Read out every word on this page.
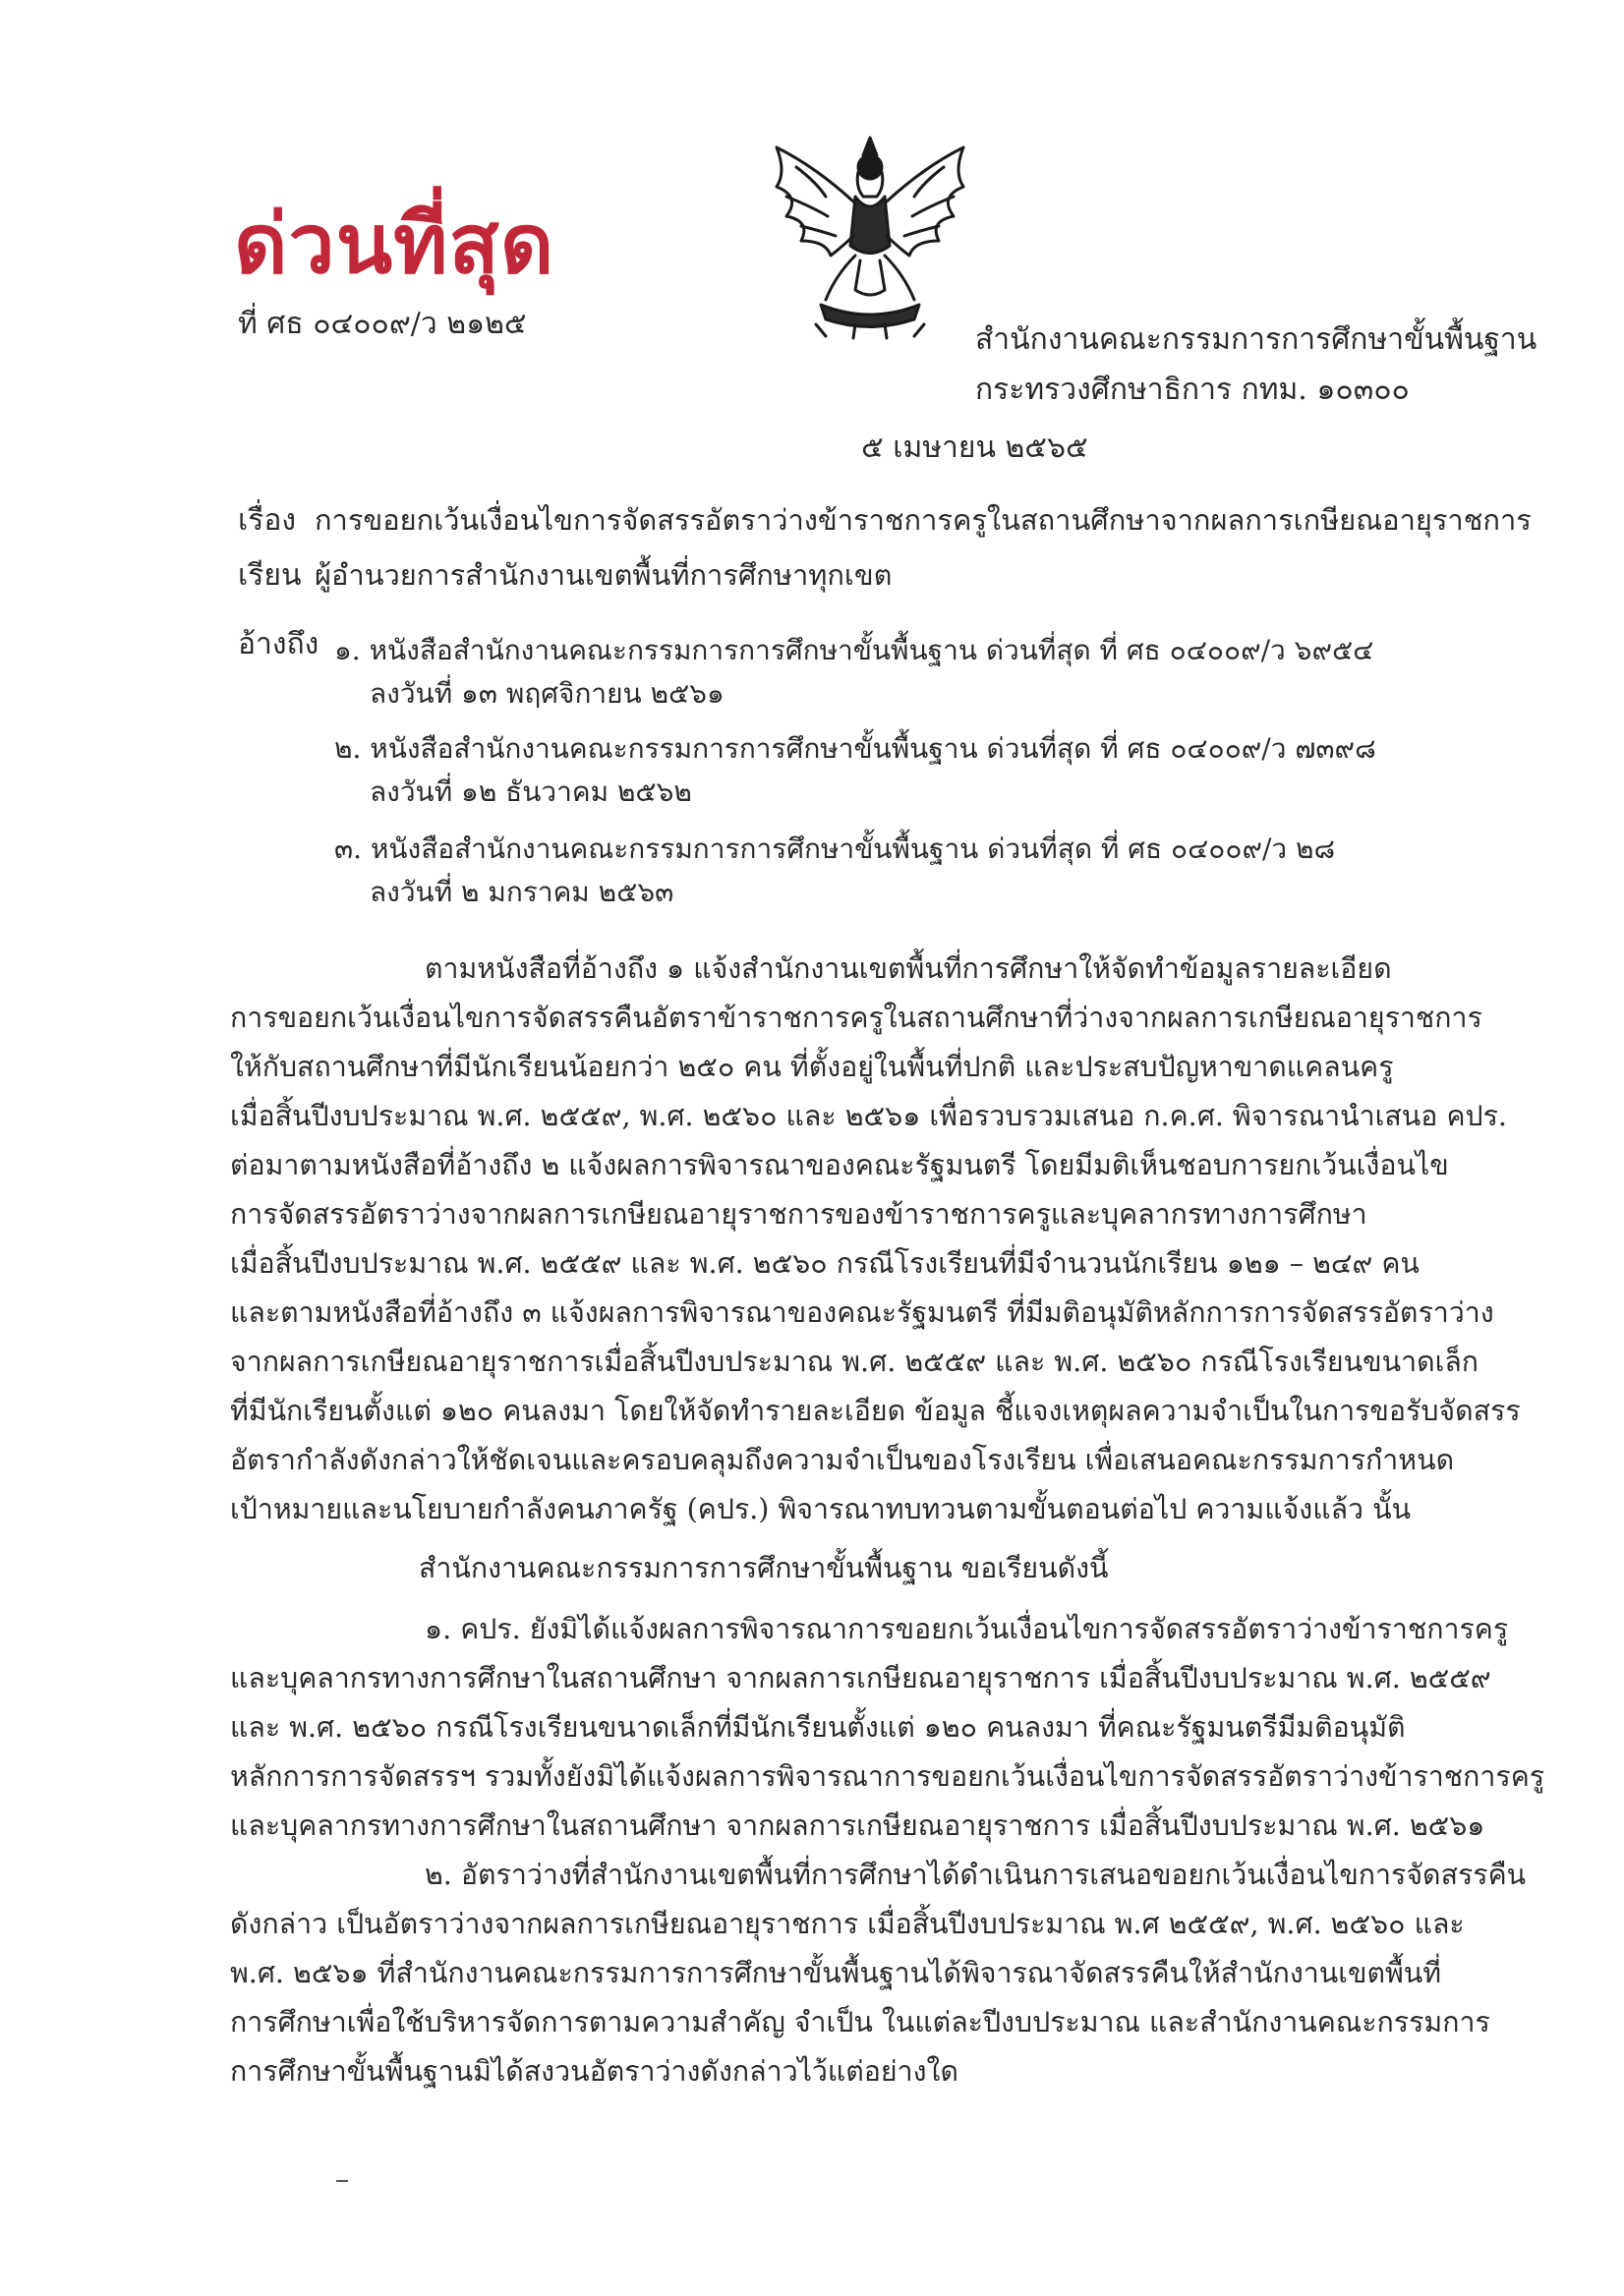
ด่วนที่สุด
ที่ ศธ ๐๔๐๐๙/ว ๒๑๒๕	สำนักงานคณะกรรมการการศึกษาขั้นพื้นฐาน
กระทรวงศึกษาธิการ กทม. ๑๐๓๐๐
๕ เมษายน ๒๕๖๕
เรื่อง การขอยกเว้นเงื่อนไขการจัดสรรอัตราว่างข้าราชการครูในสถานศึกษาจากผลการเกษียณอายุราชการ
เรียน ผู้อำนวยการสำนักงานเขตพื้นที่การศึกษาทุกเขต
อ้างถึง ๑. หนังสือสำนักงานคณะกรรมการการศึกษาขั้นพื้นฐาน ด่วนที่สุด ที่ ศธ ๐๔๐๐๙/ว ๖๙๕๔
ลงวันที่ ๑๓ พฤศจิกายน ๒๕๖๑
๒. หนังสือสำนักงานคณะกรรมการการศึกษาขั้นพื้นฐาน ด่วนที่สุด ที่ ศธ ๐๔๐๐๙/ว ๗๓๙๘
ลงวันที่ ๑๒ ธันวาคม ๒๕๖๒
๓. หนังสือสำนักงานคณะกรรมการการศึกษาขั้นพื้นฐาน ด่วนที่สุด ที่ ศธ ๐๔๐๐๙/ว ๒๘
ลงวันที่ ๒ มกราคม ๒๕๖๓
ตามหนังสือที่อ้างถึง ๑ แจ้งสำนักงานเขตพื้นที่การศึกษาให้จัดทำข้อมูลรายละเอียด
การขอยกเว้นเงื่อนไขการจัดสรรคืนอัตราข้าราชการครูในสถานศึกษาที่ว่างจากผลการเกษียณอายุราชการ
ให้กับสถานศึกษาที่มีนักเรียนน้อยกว่า ๒๕๐ คน ที่ตั้งอยู่ในพื้นที่ปกติ และประสบปัญหาขาดแคลนครู
เมื่อสิ้นปีงบประมาณ พ.ศ. ๒๕๕๙, พ.ศ. ๒๕๖๐ และ ๒๕๖๑ เพื่อรวบรวมเสนอ ก.ค.ศ. พิจารณานำเสนอ คปร.
ต่อมาตามหนังสือที่อ้างถึง ๒ แจ้งผลการพิจารณาของคณะรัฐมนตรี โดยมีมติเห็นชอบการยกเว้นเงื่อนไข
การจัดสรรอัตราว่างจากผลการเกษียณอายุราชการของข้าราชการครูและบุคลากรทางการศึกษา
เมื่อสิ้นปีงบประมาณ พ.ศ. ๒๕๕๙ และ พ.ศ. ๒๕๖๐ กรณีโรงเรียนที่มีจำนวนนักเรียน ๑๒๑ – ๒๔๙ คน
และตามหนังสือที่อ้างถึง ๓ แจ้งผลการพิจารณาของคณะรัฐมนตรี ที่มีมติอนุมัติหลักการการจัดสรรอัตราว่าง
จากผลการเกษียณอายุราชการเมื่อสิ้นปีงบประมาณ พ.ศ. ๒๕๕๙ และ พ.ศ. ๒๕๖๐ กรณีโรงเรียนขนาดเล็ก
ที่มีนักเรียนตั้งแต่ ๑๒๐ คนลงมา โดยให้จัดทำรายละเอียด ข้อมูล ชี้แจงเหตุผลความจำเป็นในการขอรับจัดสรร
อัตรากำลังดังกล่าวให้ชัดเจนและครอบคลุมถึงความจำเป็นของโรงเรียน เพื่อเสนอคณะกรรมการกำหนด
เป้าหมายและนโยบายกำลังคนภาครัฐ (คปร.) พิจารณาทบทวนตามขั้นตอนต่อไป ความแจ้งแล้ว นั้น
สำนักงานคณะกรรมการการศึกษาขั้นพื้นฐาน ขอเรียนดังนี้
๑. คปร. ยังมิได้แจ้งผลการพิจารณาการขอยกเว้นเงื่อนไขการจัดสรรอัตราว่างข้าราชการครู
และบุคลากรทางการศึกษาในสถานศึกษา จากผลการเกษียณอายุราชการ เมื่อสิ้นปีงบประมาณ พ.ศ. ๒๕๕๙
และ พ.ศ. ๒๕๖๐ กรณีโรงเรียนขนาดเล็กที่มีนักเรียนตั้งแต่ ๑๒๐ คนลงมา ที่คณะรัฐมนตรีมีมติอนุมัติ
หลักการการจัดสรรฯ รวมทั้งยังมิได้แจ้งผลการพิจารณาการขอยกเว้นเงื่อนไขการจัดสรรอัตราว่างข้าราชการครู
และบุคลากรทางการศึกษาในสถานศึกษา จากผลการเกษียณอายุราชการ เมื่อสิ้นปีงบประมาณ พ.ศ. ๒๕๖๑
๒. อัตราว่างที่สำนักงานเขตพื้นที่การศึกษาได้ดำเนินการเสนอขอยกเว้นเงื่อนไขการจัดสรรคืน
ดังกล่าว เป็นอัตราว่างจากผลการเกษียณอายุราชการ เมื่อสิ้นปีงบประมาณ พ.ศ ๒๕๕๙, พ.ศ. ๒๕๖๐ และ
พ.ศ. ๒๕๖๑ ที่สำนักงานคณะกรรมการการศึกษาขั้นพื้นฐานได้พิจารณาจัดสรรคืนให้สำนักงานเขตพื้นที่
การศึกษาเพื่อใช้บริหารจัดการตามความสำคัญ จำเป็น ในแต่ละปีงบประมาณ และสำนักงานคณะกรรมการ
การศึกษาขั้นพื้นฐานมิได้สงวนอัตราว่างดังกล่าวไว้แต่อย่างใด
